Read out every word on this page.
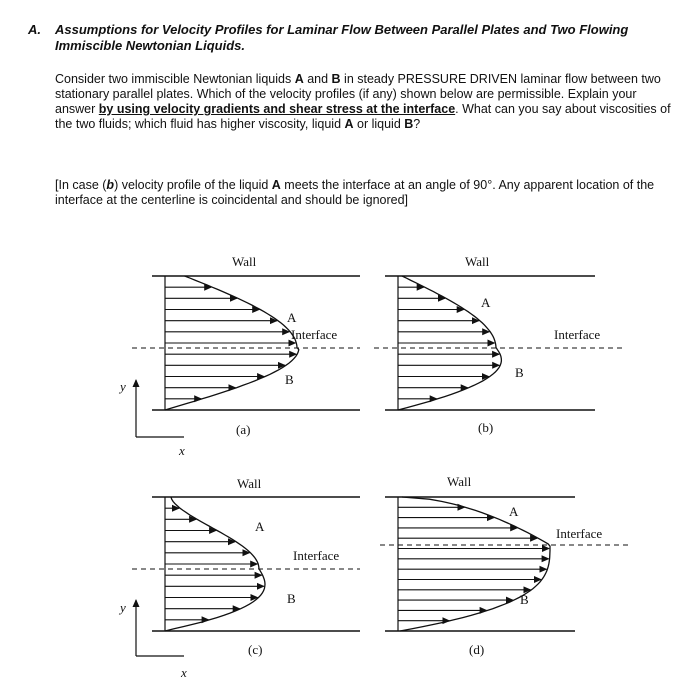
A. Assumptions for Velocity Profiles for Laminar Flow Between Parallel Plates and Two Flowing Immiscible Newtonian Liquids.
Consider two immiscible Newtonian liquids A and B in steady PRESSURE DRIVEN laminar flow between two stationary parallel plates. Which of the velocity profiles (if any) shown below are permissible. Explain your answer by using velocity gradients and shear stress at the interface. What can you say about viscosities of the two fluids; which fluid has higher viscosity, liquid A or liquid B?
[In case (b) velocity profile of the liquid A meets the interface at an angle of 90°. Any apparent location of the interface at the centerline is coincidental and should be ignored]
Wall
A
Interface
B
(a)
y
x
Wall
A
Interface
B
(b)
Wall
A
Interface
B
(c)
y
x
Wall
A
Interface
B
(d)
